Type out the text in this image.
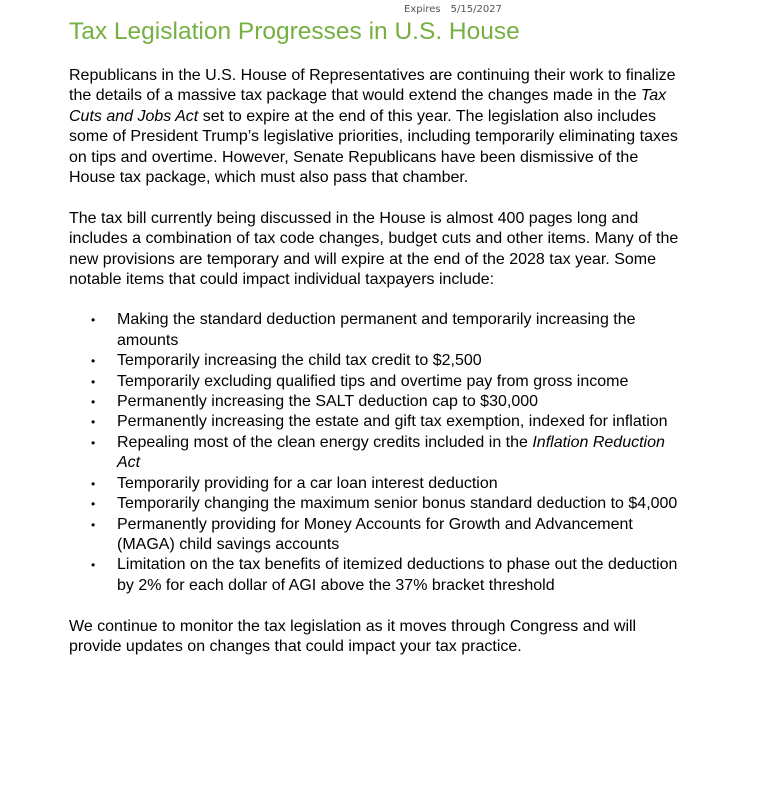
Expires 5/15/2027
Tax Legislation Progresses in U.S. House

Republicans in the U.S. House of Representatives are continuing their work to finalize the details of a massive tax package that would extend the changes made in the Tax Cuts and Jobs Act set to expire at the end of this year. The legislation also includes some of President Trump’s legislative priorities, including temporarily eliminating taxes on tips and overtime. However, Senate Republicans have been dismissive of the House tax package, which must also pass that chamber.

The tax bill currently being discussed in the House is almost 400 pages long and includes a combination of tax code changes, budget cuts and other items. Many of the new provisions are temporary and will expire at the end of the 2028 tax year. Some notable items that could impact individual taxpayers include:

• Making the standard deduction permanent and temporarily increasing the amounts
• Temporarily increasing the child tax credit to $2,500
• Temporarily excluding qualified tips and overtime pay from gross income
• Permanently increasing the SALT deduction cap to $30,000
• Permanently increasing the estate and gift tax exemption, indexed for inflation
• Repealing most of the clean energy credits included in the Inflation Reduction Act
• Temporarily providing for a car loan interest deduction
• Temporarily changing the maximum senior bonus standard deduction to $4,000
• Permanently providing for Money Accounts for Growth and Advancement (MAGA) child savings accounts
• Limitation on the tax benefits of itemized deductions to phase out the deduction by 2% for each dollar of AGI above the 37% bracket threshold

We continue to monitor the tax legislation as it moves through Congress and will provide updates on changes that could impact your tax practice.
